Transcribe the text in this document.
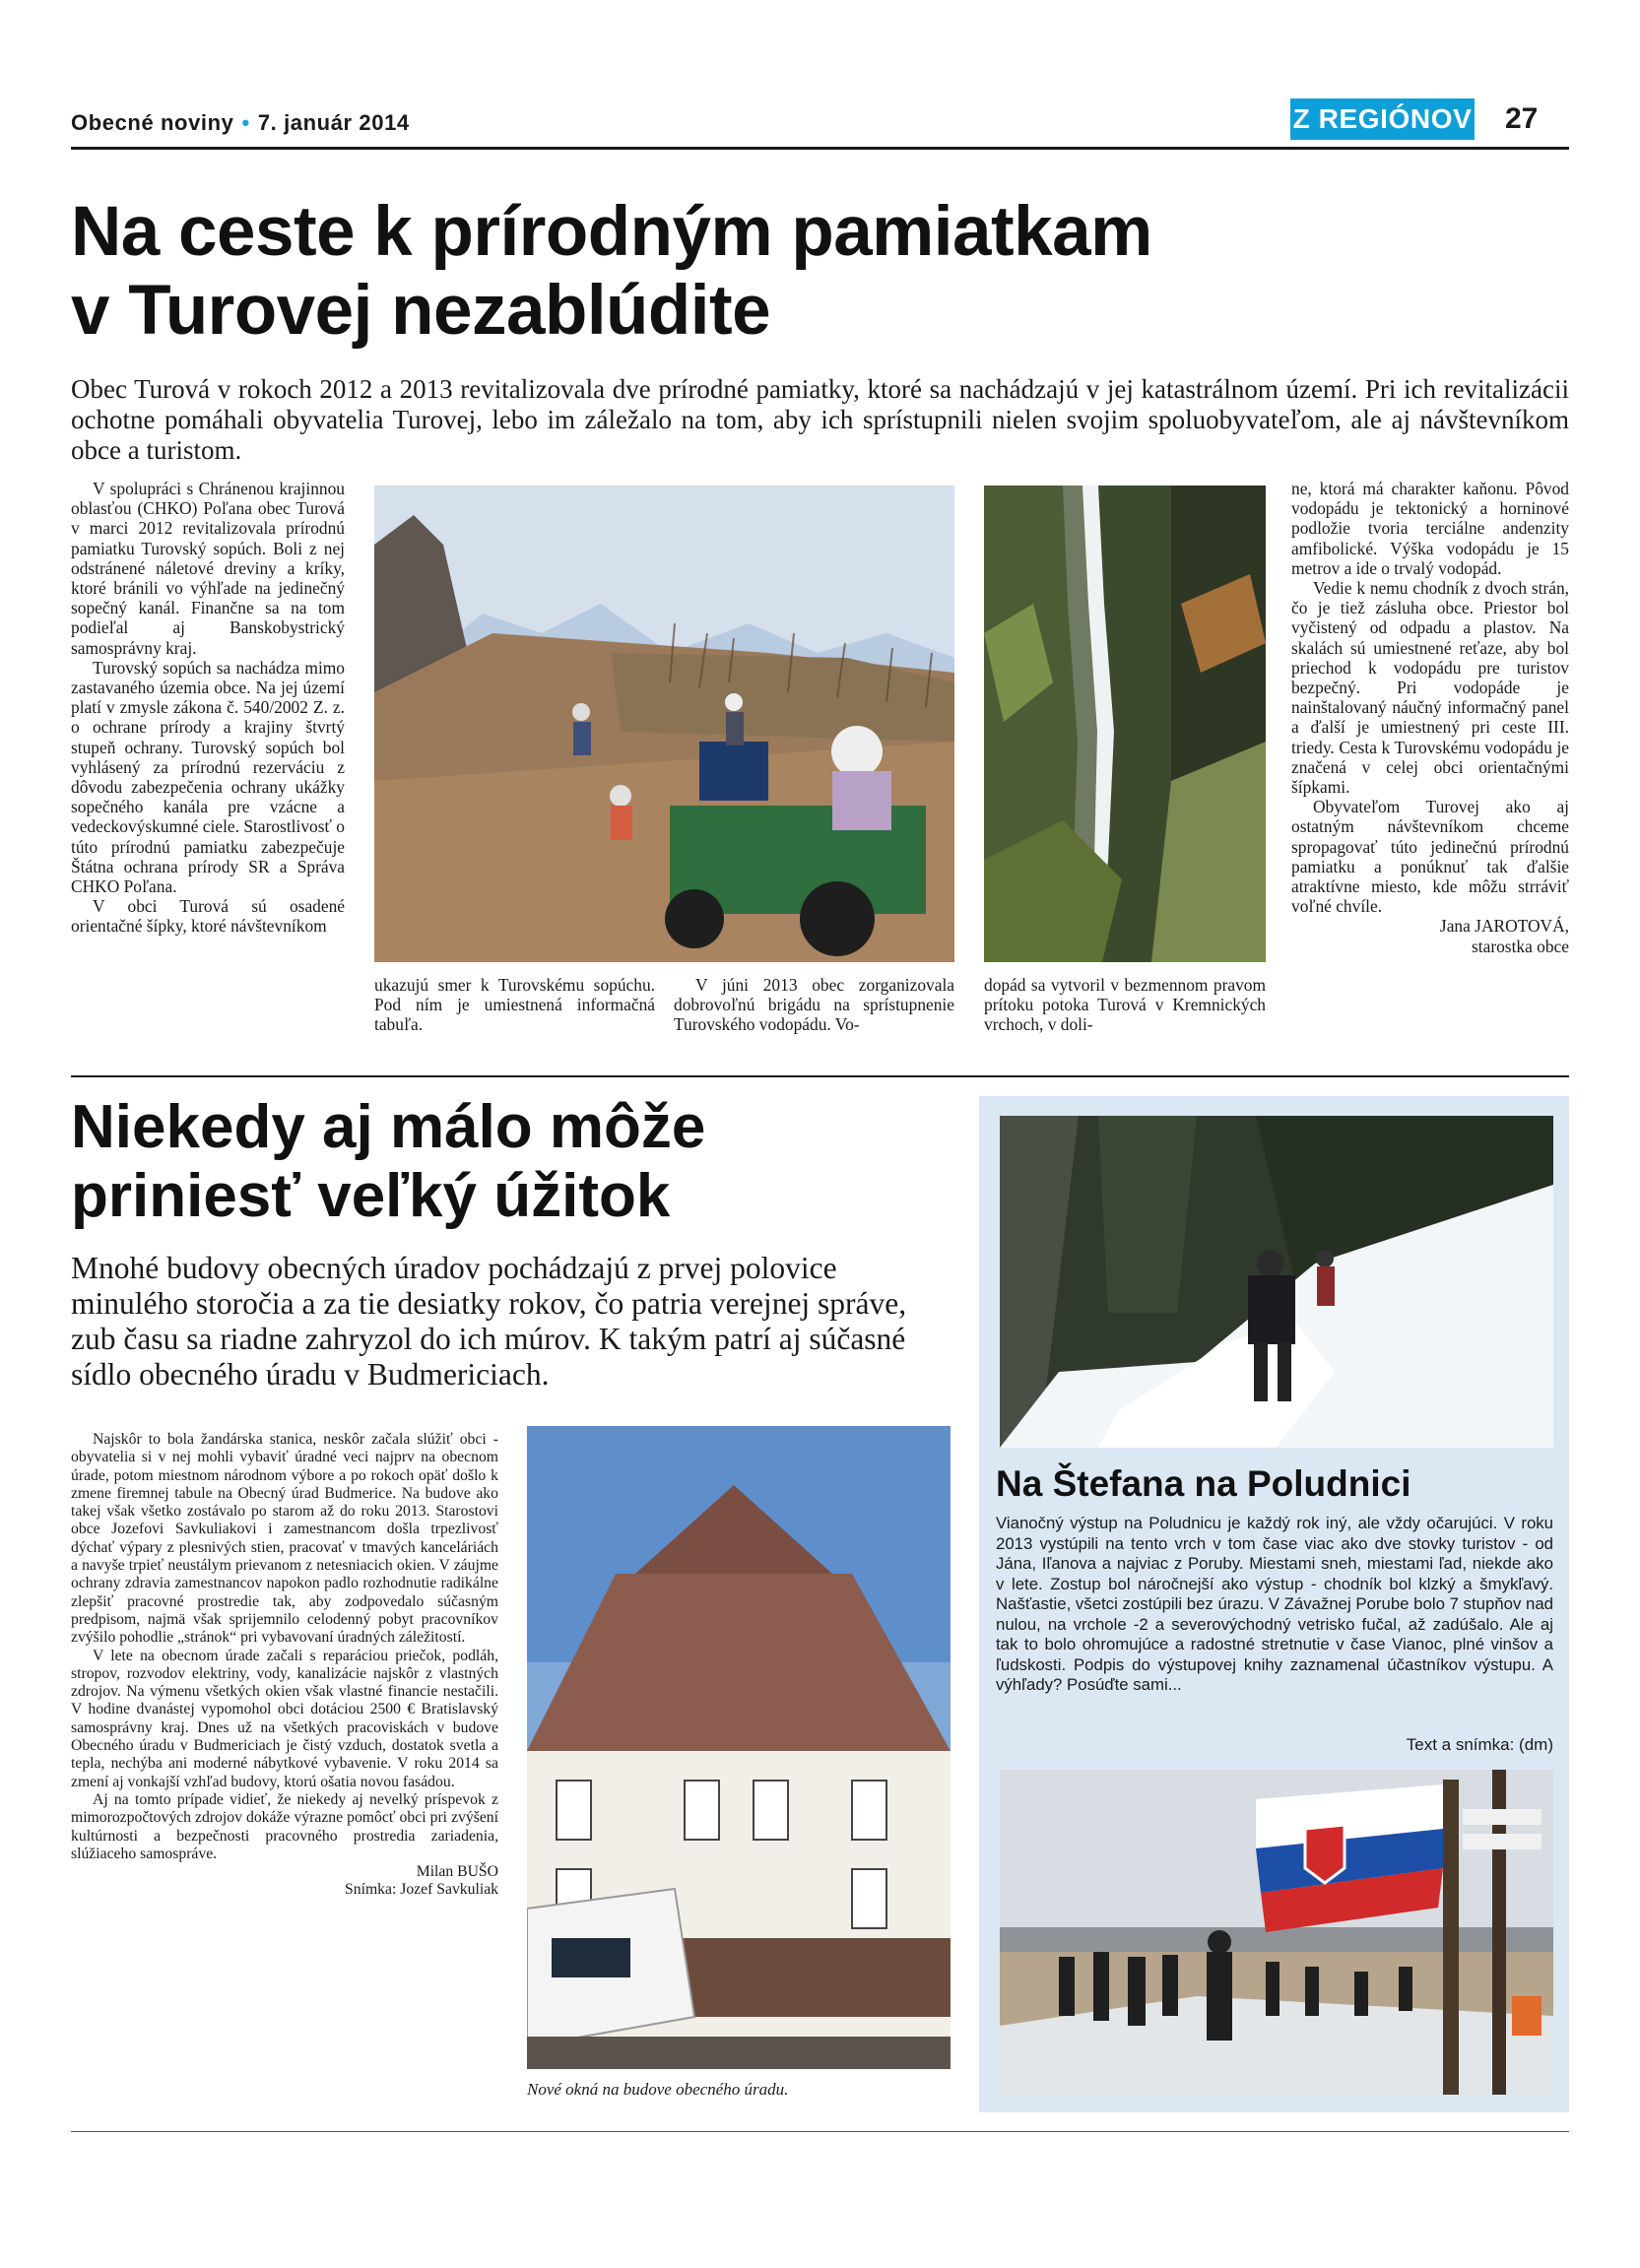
Obecné noviny • 7. január 2014	Z REGIÓNOV 27
Na ceste k prírodným pamiatkam
v Turovej nezablúdite

Obec Turová v rokoch 2012 a 2013 revitalizovala dve prírodné pamiatky, ktoré sa nachádzajú v jej katastrálnom území. Pri ich revitalizácii ochotne pomáhali obyvatelia Turovej, lebo im záležalo na tom, aby ich sprístupnili nielen svojim spoluobyvateľom, ale aj návštevníkom obce a turistom.

V spolupráci s Chránenou krajinnou oblasťou (CHKO) Poľana obec Turová v marci 2012 revitalizovala prírodnú pamiatku Turovský sopúch. Boli z nej odstránené náletové dreviny a kríky, ktoré bránili vo výhľade na jedinečný sopečný kanál. Finančne sa na tom podieľal aj Banskobystrický samosprávny kraj.

Turovský sopúch sa nachádza mimo zastavaného územia obce. Na jej území platí v zmysle zákona č. 540/2002 Z. z. o ochrane prírody a krajiny štvrtý stupeň ochrany. Turovský sopúch bol vyhlásený za prírodnú rezerváciu z dôvodu zabezpečenia ochrany ukážky sopečného kanála pre vzácne a vedeckovýskumné ciele. Starostlivosť o túto prírodnú pamiatku zabezpečuje Štátna ochrana prírody SR a Správa CHKO Poľana.

V obci Turová sú osadené orientačné šípky, ktoré návštevníkom

ukazujú smer k Turovskému sopúchu. Pod ním je umiestnená informačná tabuľa.
V júni 2013 obec zorganizovala dobrovoľnú brigádu na sprístupnenie Turovského vodopádu. Vo-
dopád sa vytvoril v bezmennom pravom prítoku potoka Turová v Kremnických vrchoch, v doli-

ne, ktorá má charakter kaňonu. Pôvod vodopádu je tektonický a horninové podložie tvoria terciálne andenzity amfibolické. Výška vodopádu je 15 metrov a ide o trvalý vodopád.

Vedie k nemu chodník z dvoch strán, čo je tiež zásluha obce. Priestor bol vyčistený od odpadu a plastov. Na skalách sú umiestnené reťaze, aby bol priechod k vodopádu pre turistov bezpečný. Pri vodopáde je nainštalovaný náučný informačný panel a ďalší je umiestnený pri ceste III. triedy. Cesta k Turovskému vodopádu je značená v celej obci orientačnými šípkami.

Obyvateľom Turovej ako aj ostatným návštevníkom chceme spropagovať túto jedinečnú prírodnú pamiatku a ponúknuť tak ďalšie atraktívne miesto, kde môžu strráviť voľné chvíle.

Jana JAROTOVÁ,

starostka obce

Niekedy aj málo môže
priniesť veľký úžitok

Mnohé budovy obecných úradov pochádzajú z prvej polovice minulého storočia a za tie desiatky rokov, čo patria verejnej správe, zub času sa riadne zahryzol do ich múrov. K takým patrí aj súčasné sídlo obecného úradu v Budmericiach.

Najskôr to bola žandárska stanica, neskôr začala slúžiť obci - obyvatelia si v nej mohli vybaviť úradné veci najprv na obecnom úrade, potom miestnom národnom výbore a po rokoch opäť došlo k zmene firemnej tabule na Obecný úrad Budmerice. Na budove ako takej však všetko zostávalo po starom až do roku 2013. Starostovi obce Jozefovi Savkuliakovi i zamestnancom došla trpezlivosť dýchať výpary z plesnivých stien, pracovať v tmavých kanceláriách a navyše trpieť neustálym prievanom z netesniacich okien. V záujme ochrany zdravia zamestnancov napokon padlo rozhodnutie radikálne zlepšiť pracovné prostredie tak, aby zodpovedalo súčasným predpisom, najmä však sprijemnilo celodenný pobyt pracovníkov zvýšilo pohodlie „stránok“ pri vybavovaní úradných záležitostí.

V lete na obecnom úrade začali s reparáciou priečok, podláh, stropov, rozvodov elektriny, vody, kanalizácie najskôr z vlastných zdrojov. Na výmenu všetkých okien však vlastné financie nestačili. V hodine dvanástej vypomohol obci dotáciou 2500 € Bratislavský samosprávny kraj. Dnes už na všetkých pracoviskách v budove Obecného úradu v Budmericiach je čistý vzduch, dostatok svetla a tepla, nechýba ani moderné nábytkové vybavenie. V roku 2014 sa zmení aj vonkajší vzhľad budovy, ktorú ošatia novou fasádou.

Aj na tomto prípade vidieť, že niekedy aj nevelký príspevok z mimorozpočtových zdrojov dokáže výrazne pomôcť obci pri zvýšení kultúrnosti a bezpečnosti pracovného prostredia zariadenia, slúžiaceho samospráve.

Milan BUŠO

Snímka: Jozef Savkuliak

Nové okná na budove obecného úradu.
Na Štefana na Poludnici

Vianočný výstup na Poludnicu je každý rok iný, ale vždy očarujúci. V roku 2013 vystúpili na tento vrch v tom čase viac ako dve stovky turistov - od Jána, Iľanova a najviac z Poruby. Miestami sneh, miestami ľad, niekde ako v lete. Zostup bol náročnejší ako výstup - chodník bol klzký a šmykľavý. Našťastie, všetci zostúpili bez úrazu. V Závažnej Porube bolo 7 stupňov nad nulou, na vrchole -2 a severovýchodný vetrisko fučal, až zadúšalo. Ale aj tak to bolo ohromujúce a radostné stretnutie v čase Vianoc, plné vinšov a ľudskosti. Podpis do výstupovej knihy zaznamenal účastníkov výstupu. A výhľady? Posúďte sami...

Text a snímka: (dm)
